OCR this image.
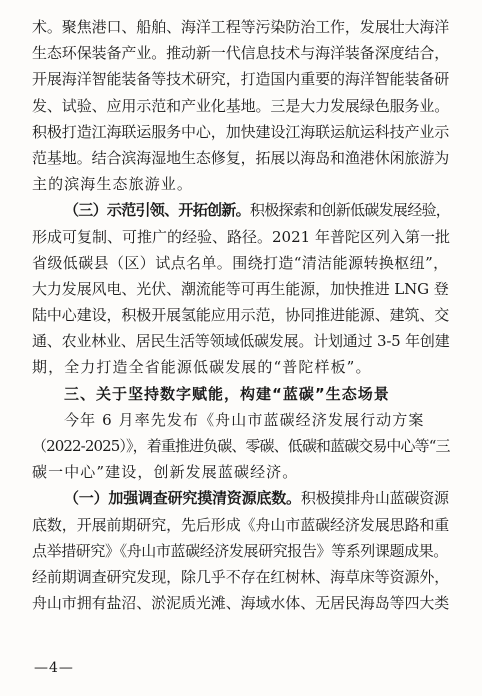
术。聚焦港口、船舶、海洋工程等污染防治工作，发展壮大海洋
生态环保装备产业。推动新一代信息技术与海洋装备深度结合，
开展海洋智能装备等技术研究，打造国内重要的海洋智能装备研
发、试验、应用示范和产业化基地。三是大力发展绿色服务业。
积极打造江海联运服务中心，加快建设江海联运航运科技产业示
范基地。结合滨海湿地生态修复，拓展以海岛和渔港休闲旅游为
主的滨海生态旅游业。
（三）示范引领、开拓创新。积极探索和创新低碳发展经验，
形成可复制、可推广的经验、路径。2021 年普陀区列入第一批
省级低碳县（区）试点名单。围绕打造“清洁能源转换枢纽”，
大力发展风电、光伏、潮流能等可再生能源，加快推进 LNG 登
陆中心建设，积极开展氢能应用示范，协同推进能源、建筑、交
通、农业林业、居民生活等领域低碳发展。计划通过 3-5 年创建
期，全力打造全省能源低碳发展的“普陀样板”。
三、关于坚持数字赋能，构建“蓝碳”生态场景
今年 6 月率先发布《舟山市蓝碳经济发展行动方案
（2022-2025）》，着重推进负碳、零碳、低碳和蓝碳交易中心等“三
碳一中心”建设，创新发展蓝碳经济。
（一）加强调查研究摸清资源底数。积极摸排舟山蓝碳资源
底数，开展前期研究，先后形成《舟山市蓝碳经济发展思路和重
点举措研究》《舟山市蓝碳经济发展研究报告》等系列课题成果。
经前期调查研究发现，除几乎不存在红树林、海草床等资源外，
舟山市拥有盐沼、淤泥质光滩、海域水体、无居民海岛等四大类
—4—
